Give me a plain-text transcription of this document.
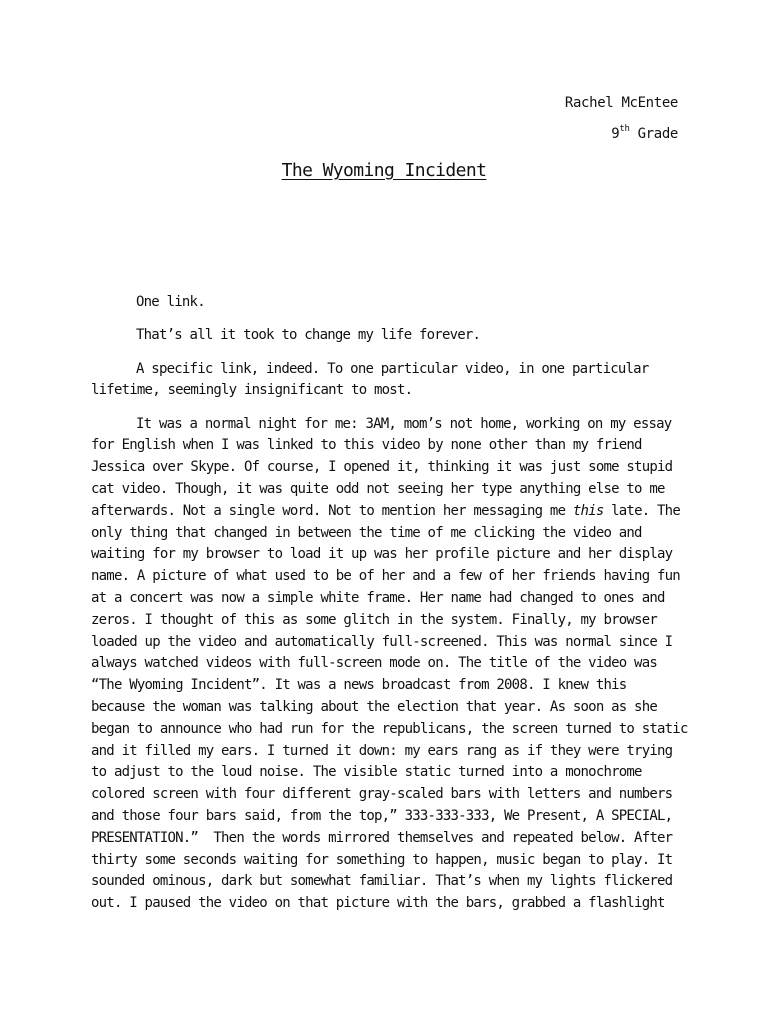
Rachel McEntee
9th Grade
The Wyoming Incident

One link.

That’s all it took to change my life forever.

A specific link, indeed. To one particular video, in one particular
lifetime, seemingly insignificant to most.

It was a normal night for me: 3AM, mom’s not home, working on my essay
for English when I was linked to this video by none other than my friend
Jessica over Skype. Of course, I opened it, thinking it was just some stupid
cat video. Though, it was quite odd not seeing her type anything else to me
afterwards. Not a single word. Not to mention her messaging me this late. The
only thing that changed in between the time of me clicking the video and
waiting for my browser to load it up was her profile picture and her display
name. A picture of what used to be of her and a few of her friends having fun
at a concert was now a simple white frame. Her name had changed to ones and
zeros. I thought of this as some glitch in the system. Finally, my browser
loaded up the video and automatically full-screened. This was normal since I
always watched videos with full-screen mode on. The title of the video was
“The Wyoming Incident”. It was a news broadcast from 2008. I knew this
because the woman was talking about the election that year. As soon as she
began to announce who had run for the republicans, the screen turned to static
and it filled my ears. I turned it down: my ears rang as if they were trying
to adjust to the loud noise. The visible static turned into a monochrome
colored screen with four different gray-scaled bars with letters and numbers
and those four bars said, from the top,” 333-333-333, We Present, A SPECIAL,
PRESENTATION.”  Then the words mirrored themselves and repeated below. After
thirty some seconds waiting for something to happen, music began to play. It
sounded ominous, dark but somewhat familiar. That’s when my lights flickered
out. I paused the video on that picture with the bars, grabbed a flashlight
